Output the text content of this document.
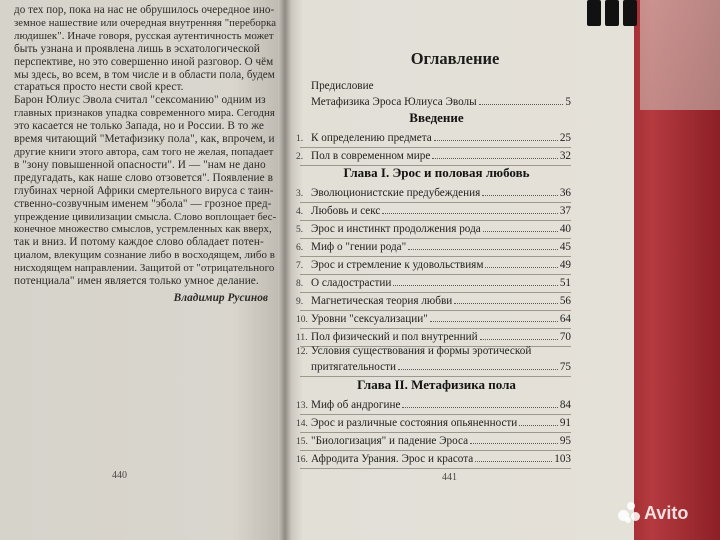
до тех пор, пока на нас не обрушилось очередное ино-
земное нашествие или очередная внутренняя "переборка
людишек". Иначе говоря, русская аутентичность может
быть узнана и проявлена лишь в эсхатологической
перспективе, но это совершенно иной разговор. О чём
мы здесь, во всем, в том числе и в области пола, будем
стараться просто нести свой крест.
Барон Юлиус Эвола считал "сексоманию" одним из
главных признаков упадка современного мира. Сегодня
это касается не только Запада, но и России. В то же
время читающий "Метафизику пола", как, впрочем, и
другие книги этого автора, сам того не желая, попадает
в "зону повышенной опасности". И — "нам не дано
предугадать, как наше слово отзовется". Появление в
глубинах черной Африки смертельного вируса с таин-
ственно-созвучным именем "эбола" — грозное пред-
упреждение цивилизации смысла. Слово воплощает бес-
конечное множество смыслов, устремленных как вверх,
так и вниз. И потому каждое слово обладает потен-
циалом, влекущим сознание либо в восходящем, либо в
нисходящем направлении. Защитой от "отрицательного
потенциала" имен является только умное делание.
Владимир Русинов
440
Оглавление
Предисловие
Метафизика Эроса Юлиуса Эволы	5
Введение
1. К определению предмета	25
2. Пол в современном мире	32
Глава I. Эрос и половая любовь
3. Эволюционистские предубеждения	36
4. Любовь и секс	37
5. Эрос и инстинкт продолжения рода	40
6. Миф о "гении рода"	45
7. Эрос и стремление к удовольствиям	49
8. О сладострастии	51
9. Магнетическая теория любви	56
10. Уровни "сексуализации"	64
11. Пол физический и пол внутренний	70
12. Условия существования и формы эротической
притягательности	75
Глава II. Метафизика пола
13. Миф об андрогине	84
14. Эрос и различные состояния опьяненности	91
15. "Биологизация" и падение Эроса	95
16. Афродита Урания. Эрос и красота	103
441
Avito
